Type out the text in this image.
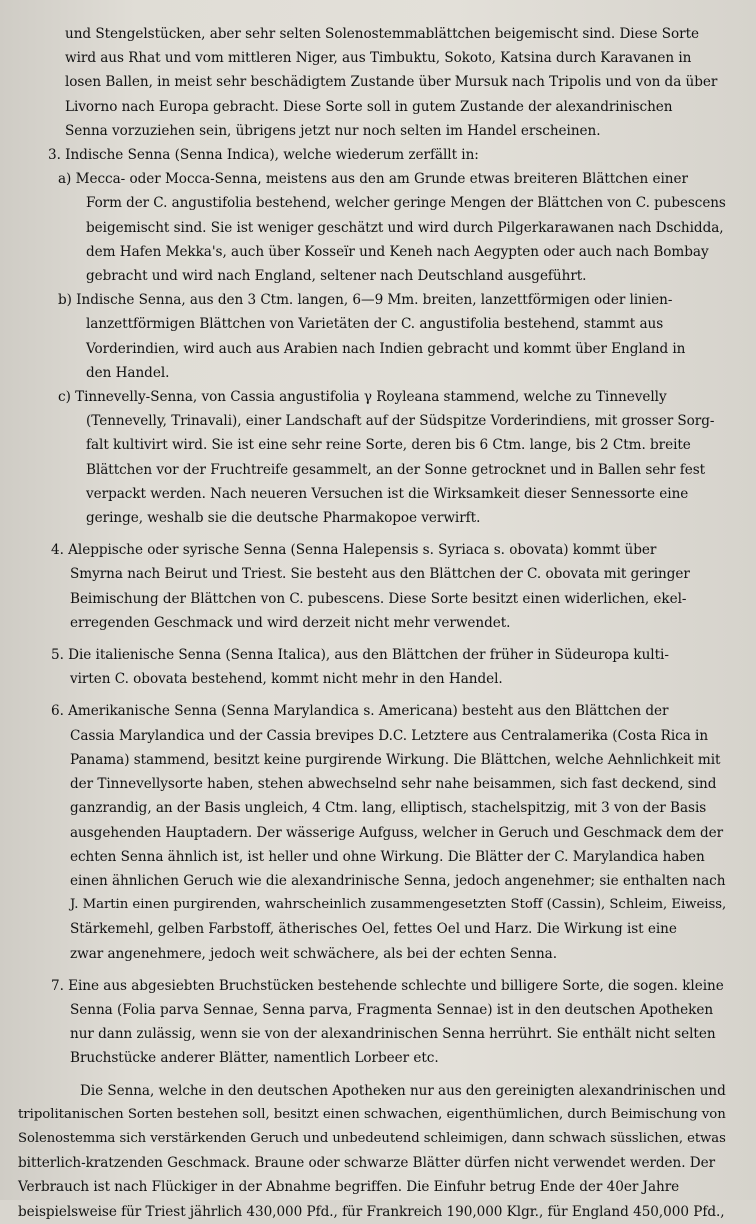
und Stengelstücken, aber sehr selten Solenostemmablättchen beigemischt sind. Diese Sorte
wird aus Rhat und vom mittleren Niger, aus Timbuktu, Sokoto, Katsina durch Karavanen in
losen Ballen, in meist sehr beschädigtem Zustande über Mursuk nach Tripolis und von da über
Livorno nach Europa gebracht. Diese Sorte soll in gutem Zustande der alexandrinischen
Senna vorzuziehen sein, übrigens jetzt nur noch selten im Handel erscheinen.
3. Indische Senna (Senna Indica), welche wiederum zerfällt in:
a) Mecca- oder Mocca-Senna, meistens aus den am Grunde etwas breiteren Blättchen einer
Form der C. angustifolia bestehend, welcher geringe Mengen der Blättchen von C. pubescens
beigemischt sind. Sie ist weniger geschätzt und wird durch Pilgerkarawanen nach Dschidda,
dem Hafen Mekka's, auch über Kosseïr und Keneh nach Aegypten oder auch nach Bombay
gebracht und wird nach England, seltener nach Deutschland ausgeführt.
b) Indische Senna, aus den 3 Ctm. langen, 6—9 Mm. breiten, lanzettförmigen oder linien-
lanzettförmigen Blättchen von Varietäten der C. angustifolia bestehend, stammt aus
Vorderindien, wird auch aus Arabien nach Indien gebracht und kommt über England in
den Handel.
c) Tinnevelly-Senna, von Cassia angustifolia γ Royleana stammend, welche zu Tinnevelly
(Tennevelly, Trinavali), einer Landschaft auf der Südspitze Vorderindiens, mit grosser Sorg-
falt kultivirt wird. Sie ist eine sehr reine Sorte, deren bis 6 Ctm. lange, bis 2 Ctm. breite
Blättchen vor der Fruchtreife gesammelt, an der Sonne getrocknet und in Ballen sehr fest
verpackt werden. Nach neueren Versuchen ist die Wirksamkeit dieser Sennessorte eine
geringe, weshalb sie die deutsche Pharmakopoe verwirft.
4. Aleppische oder syrische Senna (Senna Halepensis s. Syriaca s. obovata) kommt über
Smyrna nach Beirut und Triest. Sie besteht aus den Blättchen der C. obovata mit geringer
Beimischung der Blättchen von C. pubescens. Diese Sorte besitzt einen widerlichen, ekel-
erregenden Geschmack und wird derzeit nicht mehr verwendet.
5. Die italienische Senna (Senna Italica), aus den Blättchen der früher in Südeuropa kulti-
virten C. obovata bestehend, kommt nicht mehr in den Handel.
6. Amerikanische Senna (Senna Marylandica s. Americana) besteht aus den Blättchen der
Cassia Marylandica und der Cassia brevipes D.C. Letztere aus Centralamerika (Costa Rica in
Panama) stammend, besitzt keine purgirende Wirkung. Die Blättchen, welche Aehnlichkeit mit
der Tinnevellysorte haben, stehen abwechselnd sehr nahe beisammen, sich fast deckend, sind
ganzrandig, an der Basis ungleich, 4 Ctm. lang, elliptisch, stachelspitzig, mit 3 von der Basis
ausgehenden Hauptadern. Der wässerige Aufguss, welcher in Geruch und Geschmack dem der
echten Senna ähnlich ist, ist heller und ohne Wirkung. Die Blätter der C. Marylandica haben
einen ähnlichen Geruch wie die alexandrinische Senna, jedoch angenehmer; sie enthalten nach
J. Martin einen purgirenden, wahrscheinlich zusammengesetzten Stoff (Cassin), Schleim, Eiweiss,
Stärkemehl, gelben Farbstoff, ätherisches Oel, fettes Oel und Harz. Die Wirkung ist eine
zwar angenehmere, jedoch weit schwächere, als bei der echten Senna.
7. Eine aus abgesiebten Bruchstücken bestehende schlechte und billigere Sorte, die sogen. kleine
Senna (Folia parva Sennae, Senna parva, Fragmenta Sennae) ist in den deutschen Apotheken
nur dann zulässig, wenn sie von der alexandrinischen Senna herrührt. Sie enthält nicht selten
Bruchstücke anderer Blätter, namentlich Lorbeer etc.
Die Senna, welche in den deutschen Apotheken nur aus den gereinigten alexandrinischen und
tripolitanischen Sorten bestehen soll, besitzt einen schwachen, eigenthümlichen, durch Beimischung von
Solenostemma sich verstärkenden Geruch und unbedeutend schleimigen, dann schwach süsslichen, etwas
bitterlich-kratzenden Geschmack. Braune oder schwarze Blätter dürfen nicht verwendet werden. Der
Verbrauch ist nach Flückiger in der Abnahme begriffen. Die Einfuhr betrug Ende der 40er Jahre
beispielsweise für Triest jährlich 430,000 Pfd., für Frankreich 190,000 Klgr., für England 450,000 Pfd.,
